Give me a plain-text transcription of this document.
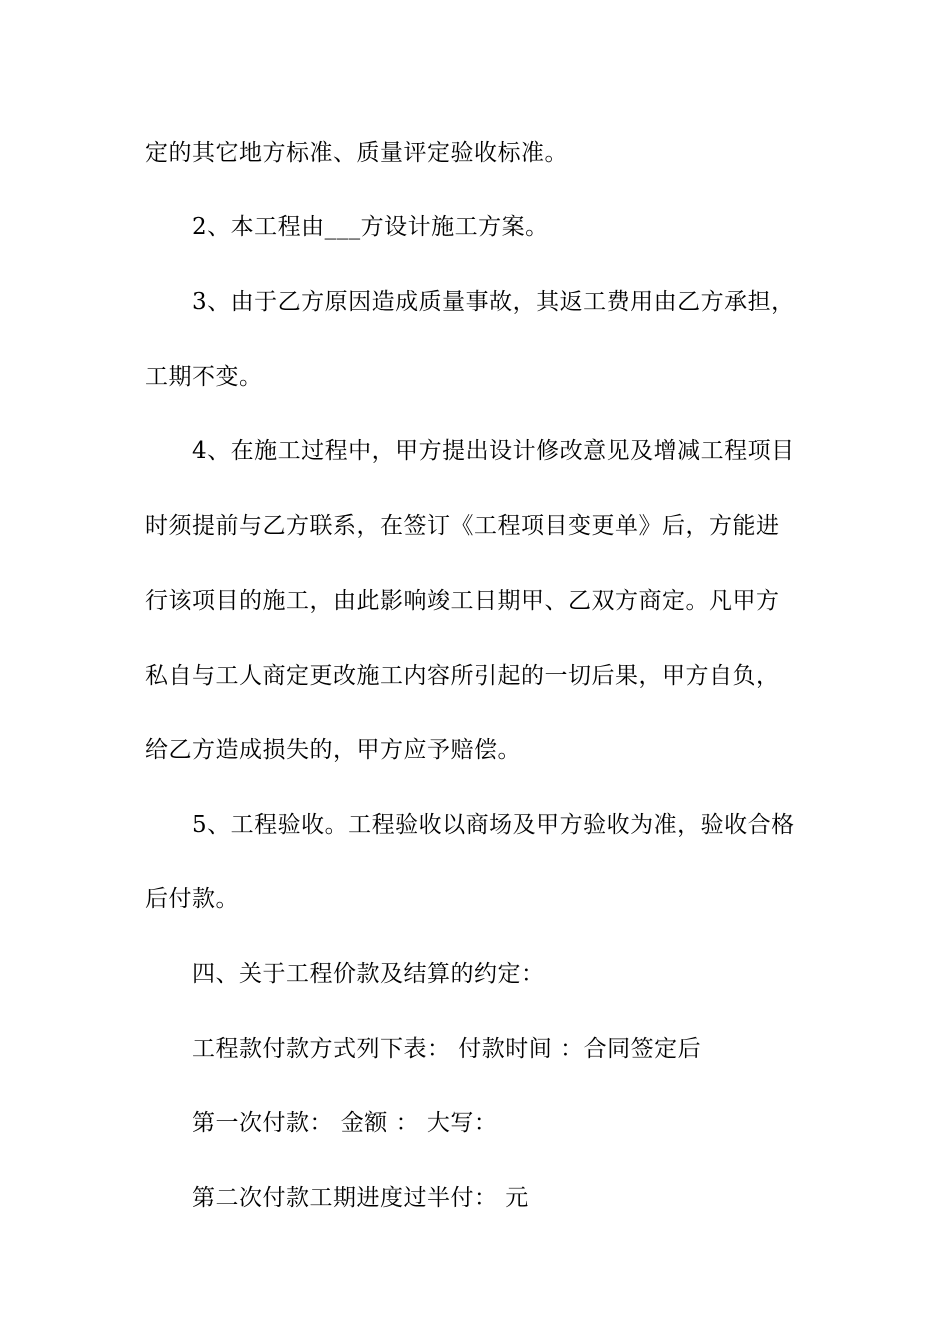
定的其它地方标准、质量评定验收标准。
2、本工程由___方设计施工方案。
3、由于乙方原因造成质量事故，其返工费用由乙方承担，
工期不变。
4、在施工过程中，甲方提出设计修改意见及增减工程项目
时须提前与乙方联系，在签订《工程项目变更单》后，方能进
行该项目的施工，由此影响竣工日期甲、乙双方商定。凡甲方
私自与工人商定更改施工内容所引起的一切后果，甲方自负，
给乙方造成损失的，甲方应予赔偿。
5、工程验收。工程验收以商场及甲方验收为准，验收合格
后付款。
四、关于工程价款及结算的约定：
工程款付款方式列下表： 付款时间 ：合同签定后
第一次付款： 金额 ： 大写：
第二次付款工期进度过半付： 元
